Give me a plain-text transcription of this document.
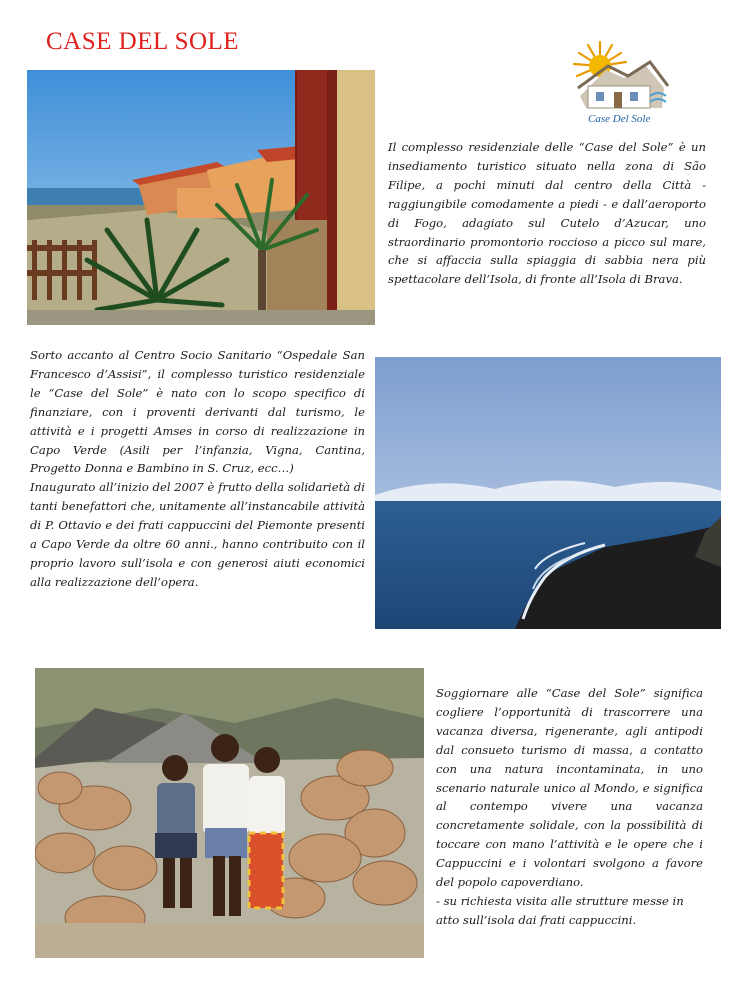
CASE DEL SOLE
Case Del Sole

Il complesso residenziale delle “Case del Sole” è un insediamento turistico situato nella zona di São Filipe, a pochi minuti dal centro della Città - raggiungibile comodamente a piedi - e dall’aeroporto di Fogo, adagiato sul Cutelo d’Azucar, uno straordinario promontorio roccioso a picco sul mare, che si affaccia sulla spiaggia di sabbia nera più spettacolare dell’Isola, di fronte all’Isola di Brava.

Sorto accanto al Centro Socio Sanitario “Ospedale San Francesco d’Assisi”, il complesso turistico residenziale le “Case del Sole” è nato con lo scopo specifico di finanziare, con i proventi derivanti dal turismo, le attività e i progetti Amses in corso di realizzazione in Capo Verde (Asili per l’infanzia, Vigna, Cantina, Progetto Donna e Bambino in S. Cruz, ecc…)

Inaugurato all’inizio del 2007 è frutto della solidarietà di tanti benefattori che, unitamente all’instancabile attività di P. Ottavio e dei frati cappuccini del Piemonte presenti a Capo Verde da oltre 60 anni., hanno contribuito con il proprio lavoro sull’isola e con generosi aiuti economici alla realizzazione dell’opera.

Soggiornare alle “Case del Sole” significa cogliere l’opportunità di trascorrere una vacanza diversa, rigenerante, agli antipodi dal consueto turismo di massa, a contatto con una natura incontaminata, in uno scenario naturale unico al Mondo, e significa al contempo vivere una vacanza concretamente solidale, con la possibilità di toccare con mano l’attività e le opere che i Cappuccini e i volontari svolgono a favore del popolo capoverdiano.

- su richiesta visita alle strutture messe in atto sull’isola dai frati cappuccini.
